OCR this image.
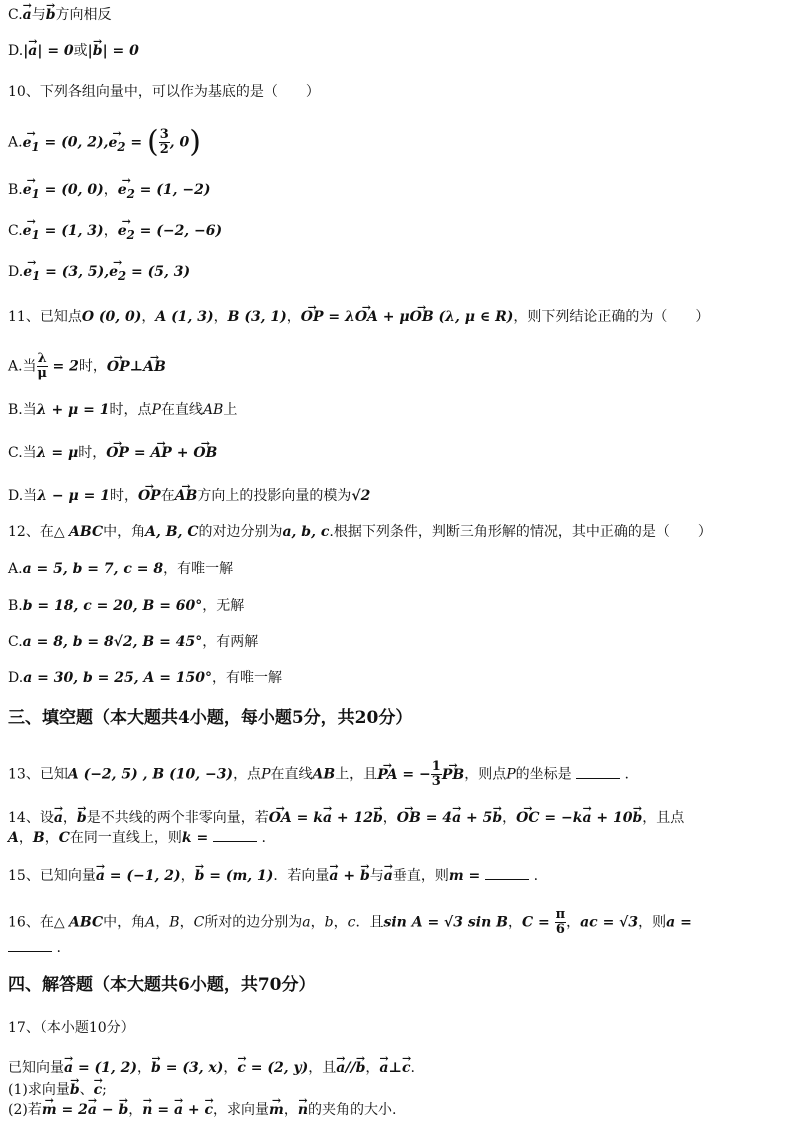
C.→ a与→ b方向相反
D.|→ a| = 0或|→ b| = 0
10、下列各组向量中，可以作为基底的是（　　）
$A.\to e_1 = (0$, $2),\to e_2$ = ( $\frac{3}{2}$ , 0)
$B.\to e_1 = (0$, 0)，→ $e_2 = (1$, −2)
$C.\to e_1 = (1$, 3)，→ $e_2 = (-2$, −6)
$D.\to e_1 = (3$, $5),\to e_2 = (5$, 3)
11、已知点O (0, 0)，A (1, 3)，B (3, 1)，→ OP = λ→ OA + μ→ OB (λ, μ ∈ R)，则下列结论正确的为（　　）
A.当 $\frac{\lambda}{\mu} = 2$时，→ OP⊥→ AB
B.当λ + μ = 1时，点P在直线AB上
C.当λ = μ时，→ OP = → AP + → OB
D.当λ − μ = 1时，→ OP在→ AB方向上的投影向量的模为√2
12、在△ ABC中，角A, B, C的对边分别为a, b, c.根据下列条件，判断三角形解的情况，其中正确的是（　　）
A.a = 5, b = 7, c = 8，有唯一解
B.b = 18, c = 20, B = 60°，无解
C.a = 8, b = 8√2, B = 45°，有两解
D.a = 30, b = 25, A = 150°，有唯一解
三、填空题（本大题共4小题，每小题5分，共20分）
13、已知A (−2, 5) , B (10, −3)，点P在直线AB上，且→ PA = − $\frac{1}{3}$
→ PB，则点P的坐标是	.
14、设→ a，→ b是不共线的两个非零向量，若→ OA = k→ a + 12→ b，→ OB = 4→ a + 5→ b，→ OC = −k→ a + 10→ b，且点
A，B，C在同一直线上，则k =	.
15、已知向量→ a = (−1, 2)，→ b = (m, 1)．若向量→ a + → b与→ a垂直，则m =	.
16、在△ ABC中，角A，B，C所对的边分别为a，b，c．且sin A = √3 sin B，$C = \frac{\pi}{6}$ ，ac = √3，则a =
.
四、解答题（本大题共6小题，共70分）
17、（本小题10分）
已知向量→ a = (1, 2)，→ b = (3, x)，→ c = (2, y)，且→ a//→ b，→ a⊥→ c.
(1)求向量→ b、→ c;
(2)若→ m = 2→ a − → b，→ n = → a + → c，求向量→ m，→ n的夹角的大小.
